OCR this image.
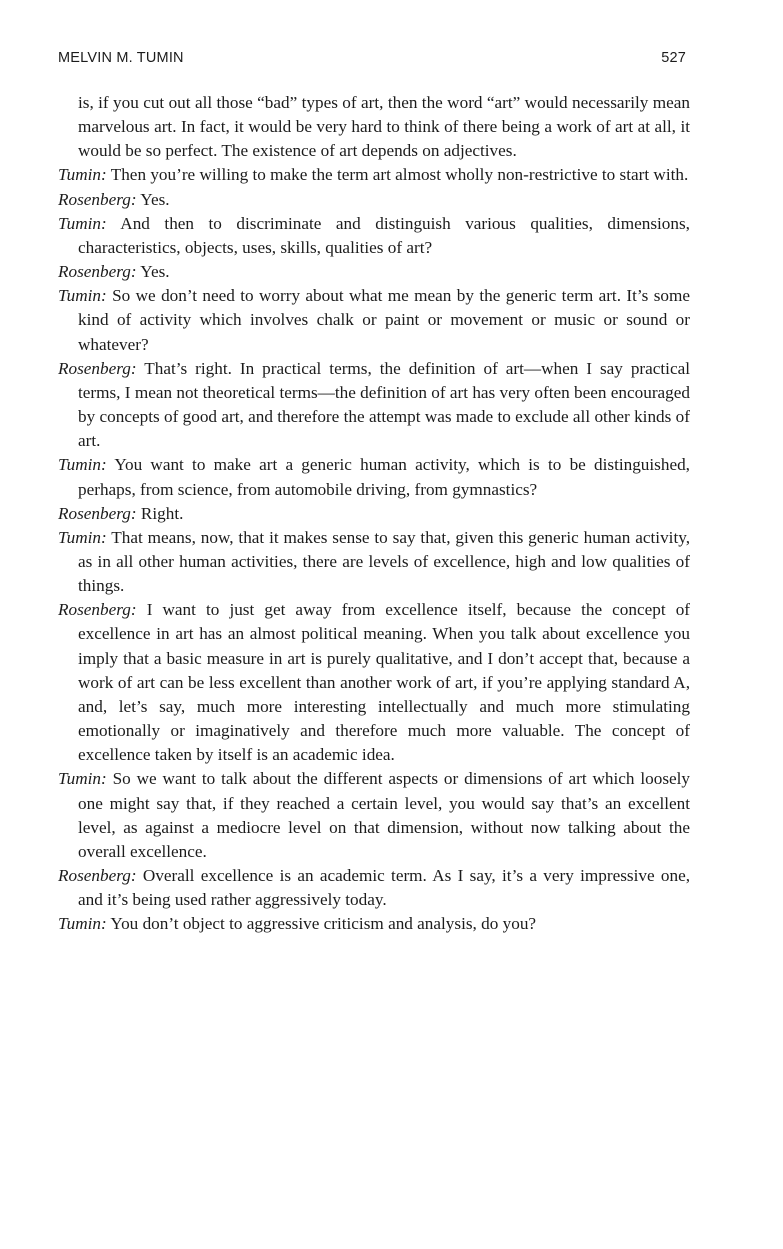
MELVIN M. TUMIN	527

is, if you cut out all those “bad” types of art, then the word “art” would necessarily mean marvelous art. In fact, it would be very hard to think of there being a work of art at all, it would be so perfect. The existence of art depends on adjectives.

Tumin: Then you’re willing to make the term art almost wholly non-restrictive to start with.

Rosenberg: Yes.

Tumin: And then to discriminate and distinguish various qualities, dimensions, characteristics, objects, uses, skills, qualities of art?

Rosenberg: Yes.

Tumin: So we don’t need to worry about what me mean by the generic term art. It’s some kind of activity which involves chalk or paint or movement or music or sound or whatever?

Rosenberg: That’s right. In practical terms, the definition of art—when I say practical terms, I mean not theoretical terms—the definition of art has very often been encouraged by concepts of good art, and therefore the attempt was made to exclude all other kinds of art.

Tumin: You want to make art a generic human activity, which is to be distinguished, perhaps, from science, from automobile driving, from gymnastics?

Rosenberg: Right.

Tumin: That means, now, that it makes sense to say that, given this generic human activity, as in all other human activities, there are levels of excellence, high and low qualities of things.

Rosenberg: I want to just get away from excellence itself, because the concept of excellence in art has an almost political meaning. When you talk about excellence you imply that a basic measure in art is purely qualitative, and I don’t accept that, because a work of art can be less excellent than another work of art, if you’re applying standard A, and, let’s say, much more interesting intellectually and much more stimulating emotionally or imaginatively and therefore much more valuable. The concept of excellence taken by itself is an academic idea.

Tumin: So we want to talk about the different aspects or dimensions of art which loosely one might say that, if they reached a certain level, you would say that’s an excellent level, as against a mediocre level on that dimension, without now talking about the overall excellence.

Rosenberg: Overall excellence is an academic term. As I say, it’s a very impressive one, and it’s being used rather aggressively today.

Tumin: You don’t object to aggressive criticism and analysis, do you?
